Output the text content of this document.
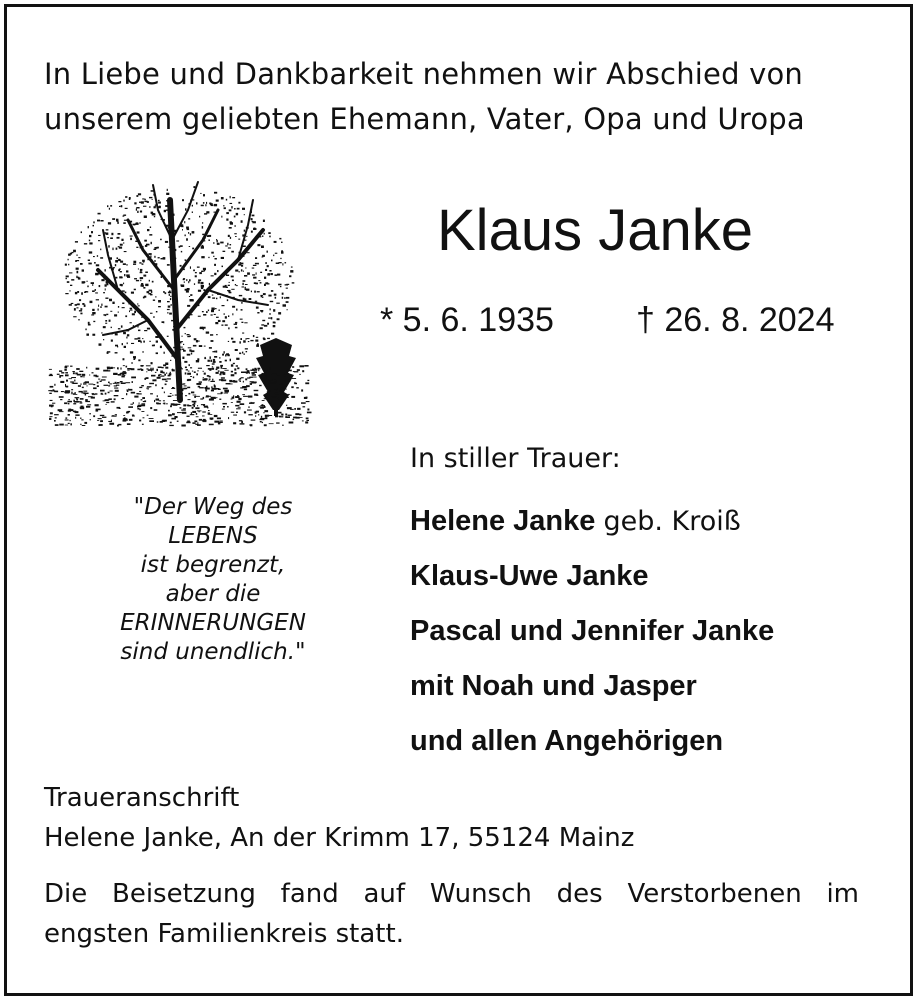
In Liebe und Dankbarkeit nehmen wir Abschied von
unserem geliebten Ehemann, Vater, Opa und Uropa
Klaus Janke
* 5. 6. 1935 † 26. 8. 2024
"Der Weg des
LEBENS
ist begrenzt,
aber die
ERINNERUNGEN
sind unendlich."
In stiller Trauer:
Helene Janke geb. Kroiß
Klaus-Uwe Janke
Pascal und Jennifer Janke
mit Noah und Jasper
und allen Angehörigen
Traueranschrift
Helene Janke, An der Krimm 17, 55124 Mainz
Die Beisetzung fand auf Wunsch des Verstorbenen im
engsten Familienkreis statt.
